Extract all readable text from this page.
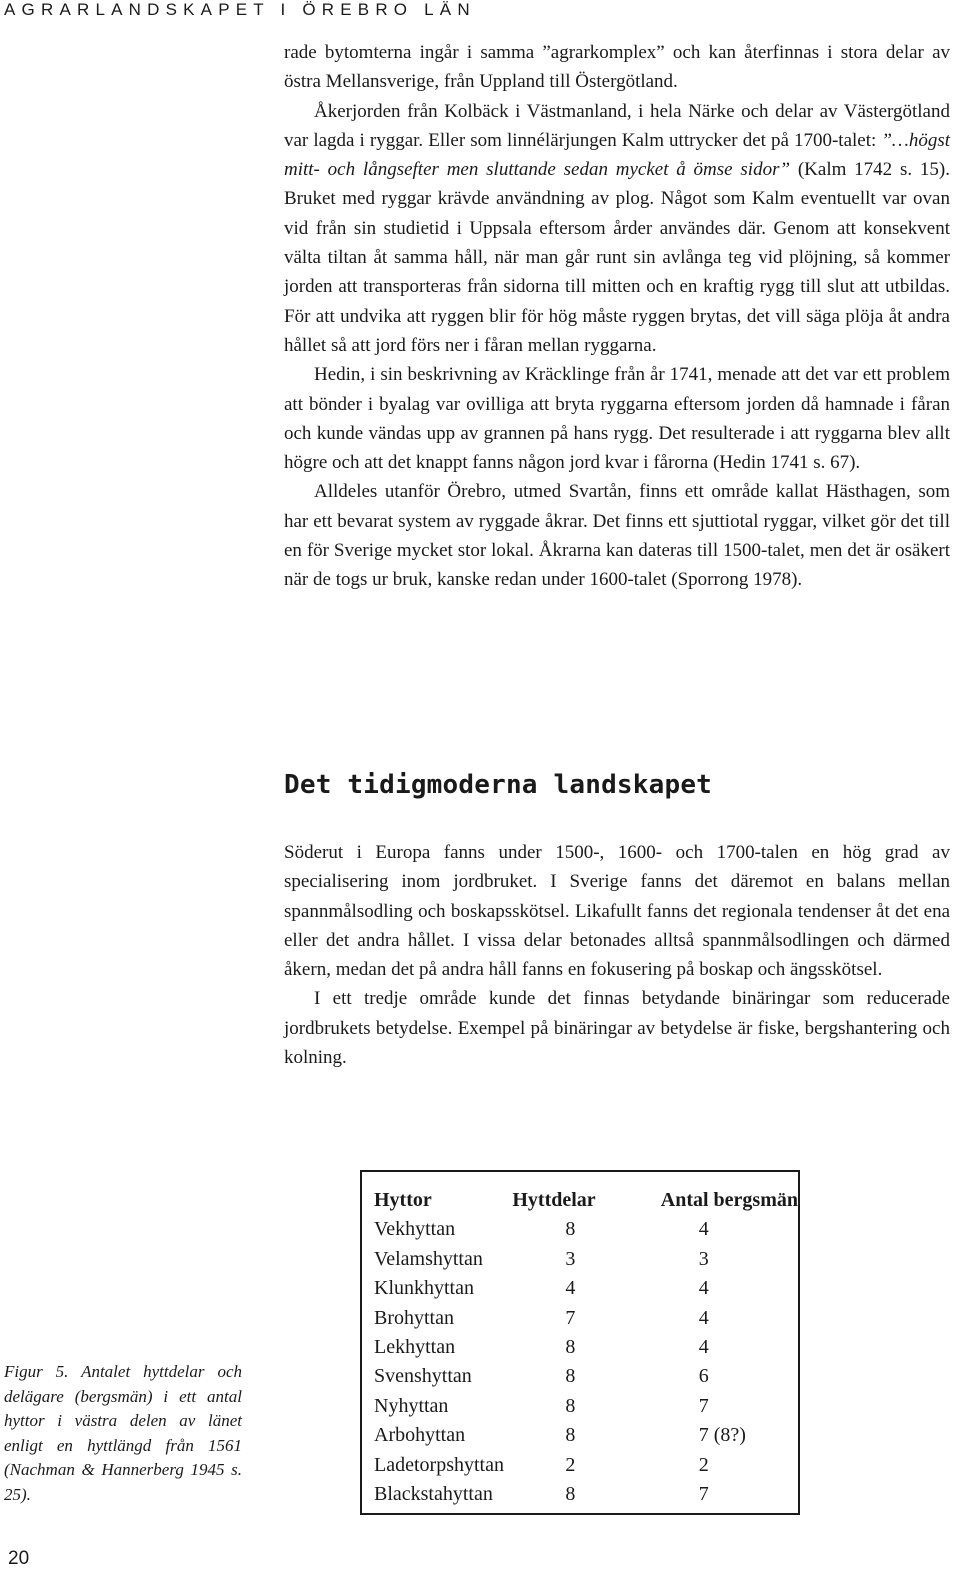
AGRARLANDSKAPET I ÖREBRO LÄN

rade bytomterna ingår i samma ”agrarkomplex” och kan återfinnas i stora delar av östra Mellansverige, från Uppland till Östergötland.

Åkerjorden från Kolbäck i Västmanland, i hela Närke och delar av Västergötland var lagda i ryggar. Eller som linnélärjungen Kalm uttrycker det på 1700-talet: ”…högst mitt- och långsefter men sluttande sedan mycket å ömse sidor” (Kalm 1742 s. 15). Bruket med ryggar krävde användning av plog. Något som Kalm eventuellt var ovan vid från sin studietid i Uppsala eftersom årder användes där. Genom att konsekvent välta tiltan åt samma håll, när man går runt sin avlånga teg vid plöjning, så kommer jorden att transporteras från sidorna till mitten och en kraftig rygg till slut att utbildas. För att undvika att ryggen blir för hög måste ryggen brytas, det vill säga plöja åt andra hållet så att jord förs ner i fåran mellan ryggarna.

Hedin, i sin beskrivning av Kräcklinge från år 1741, menade att det var ett problem att bönder i byalag var ovilliga att bryta ryggarna eftersom jorden då hamnade i fåran och kunde vändas upp av grannen på hans rygg. Det resulterade i att ryggarna blev allt högre och att det knappt fanns någon jord kvar i fårorna (Hedin 1741 s. 67).

Alldeles utanför Örebro, utmed Svartån, finns ett område kallat Hästhagen, som har ett bevarat system av ryggade åkrar. Det finns ett sjuttiotal ryggar, vilket gör det till en för Sverige mycket stor lokal. Åkrarna kan dateras till 1500-talet, men det är osäkert när de togs ur bruk, kanske redan under 1600-talet (Sporrong 1978).

Det tidigmoderna landskapet

Söderut i Europa fanns under 1500-, 1600- och 1700-talen en hög grad av specialisering inom jordbruket. I Sverige fanns det däremot en balans mellan spannmålsodling och boskapsskötsel. Likafullt fanns det regionala tendenser åt det ena eller det andra hållet. I vissa delar betonades alltså spannmålsodlingen och därmed åkern, medan det på andra håll fanns en fokusering på boskap och ängsskötsel.

I ett tredje område kunde det finnas betydande binäringar som reducerade jordbrukets betydelse. Exempel på binäringar av betydelse är fiske, bergshantering och kolning.

Hyttor	Hyttdelar	Antal bergsmän
Vekhyttan	8	4
Velamshyttan	3	3
Klunkhyttan	4	4
Brohyttan	7	4
Lekhyttan	8	4
Svenshyttan	8	6
Nyhyttan	8	7
Arbohyttan	8	7 (8?)
Ladetorpshyttan	2	2
Blackstahyttan	8	7

Figur 5. Antalet hyttdelar och delägare (bergsmän) i ett antal hyttor i västra delen av länet enligt en hyttlängd från 1561 (Nachman & Hannerberg 1945 s. 25).

20
